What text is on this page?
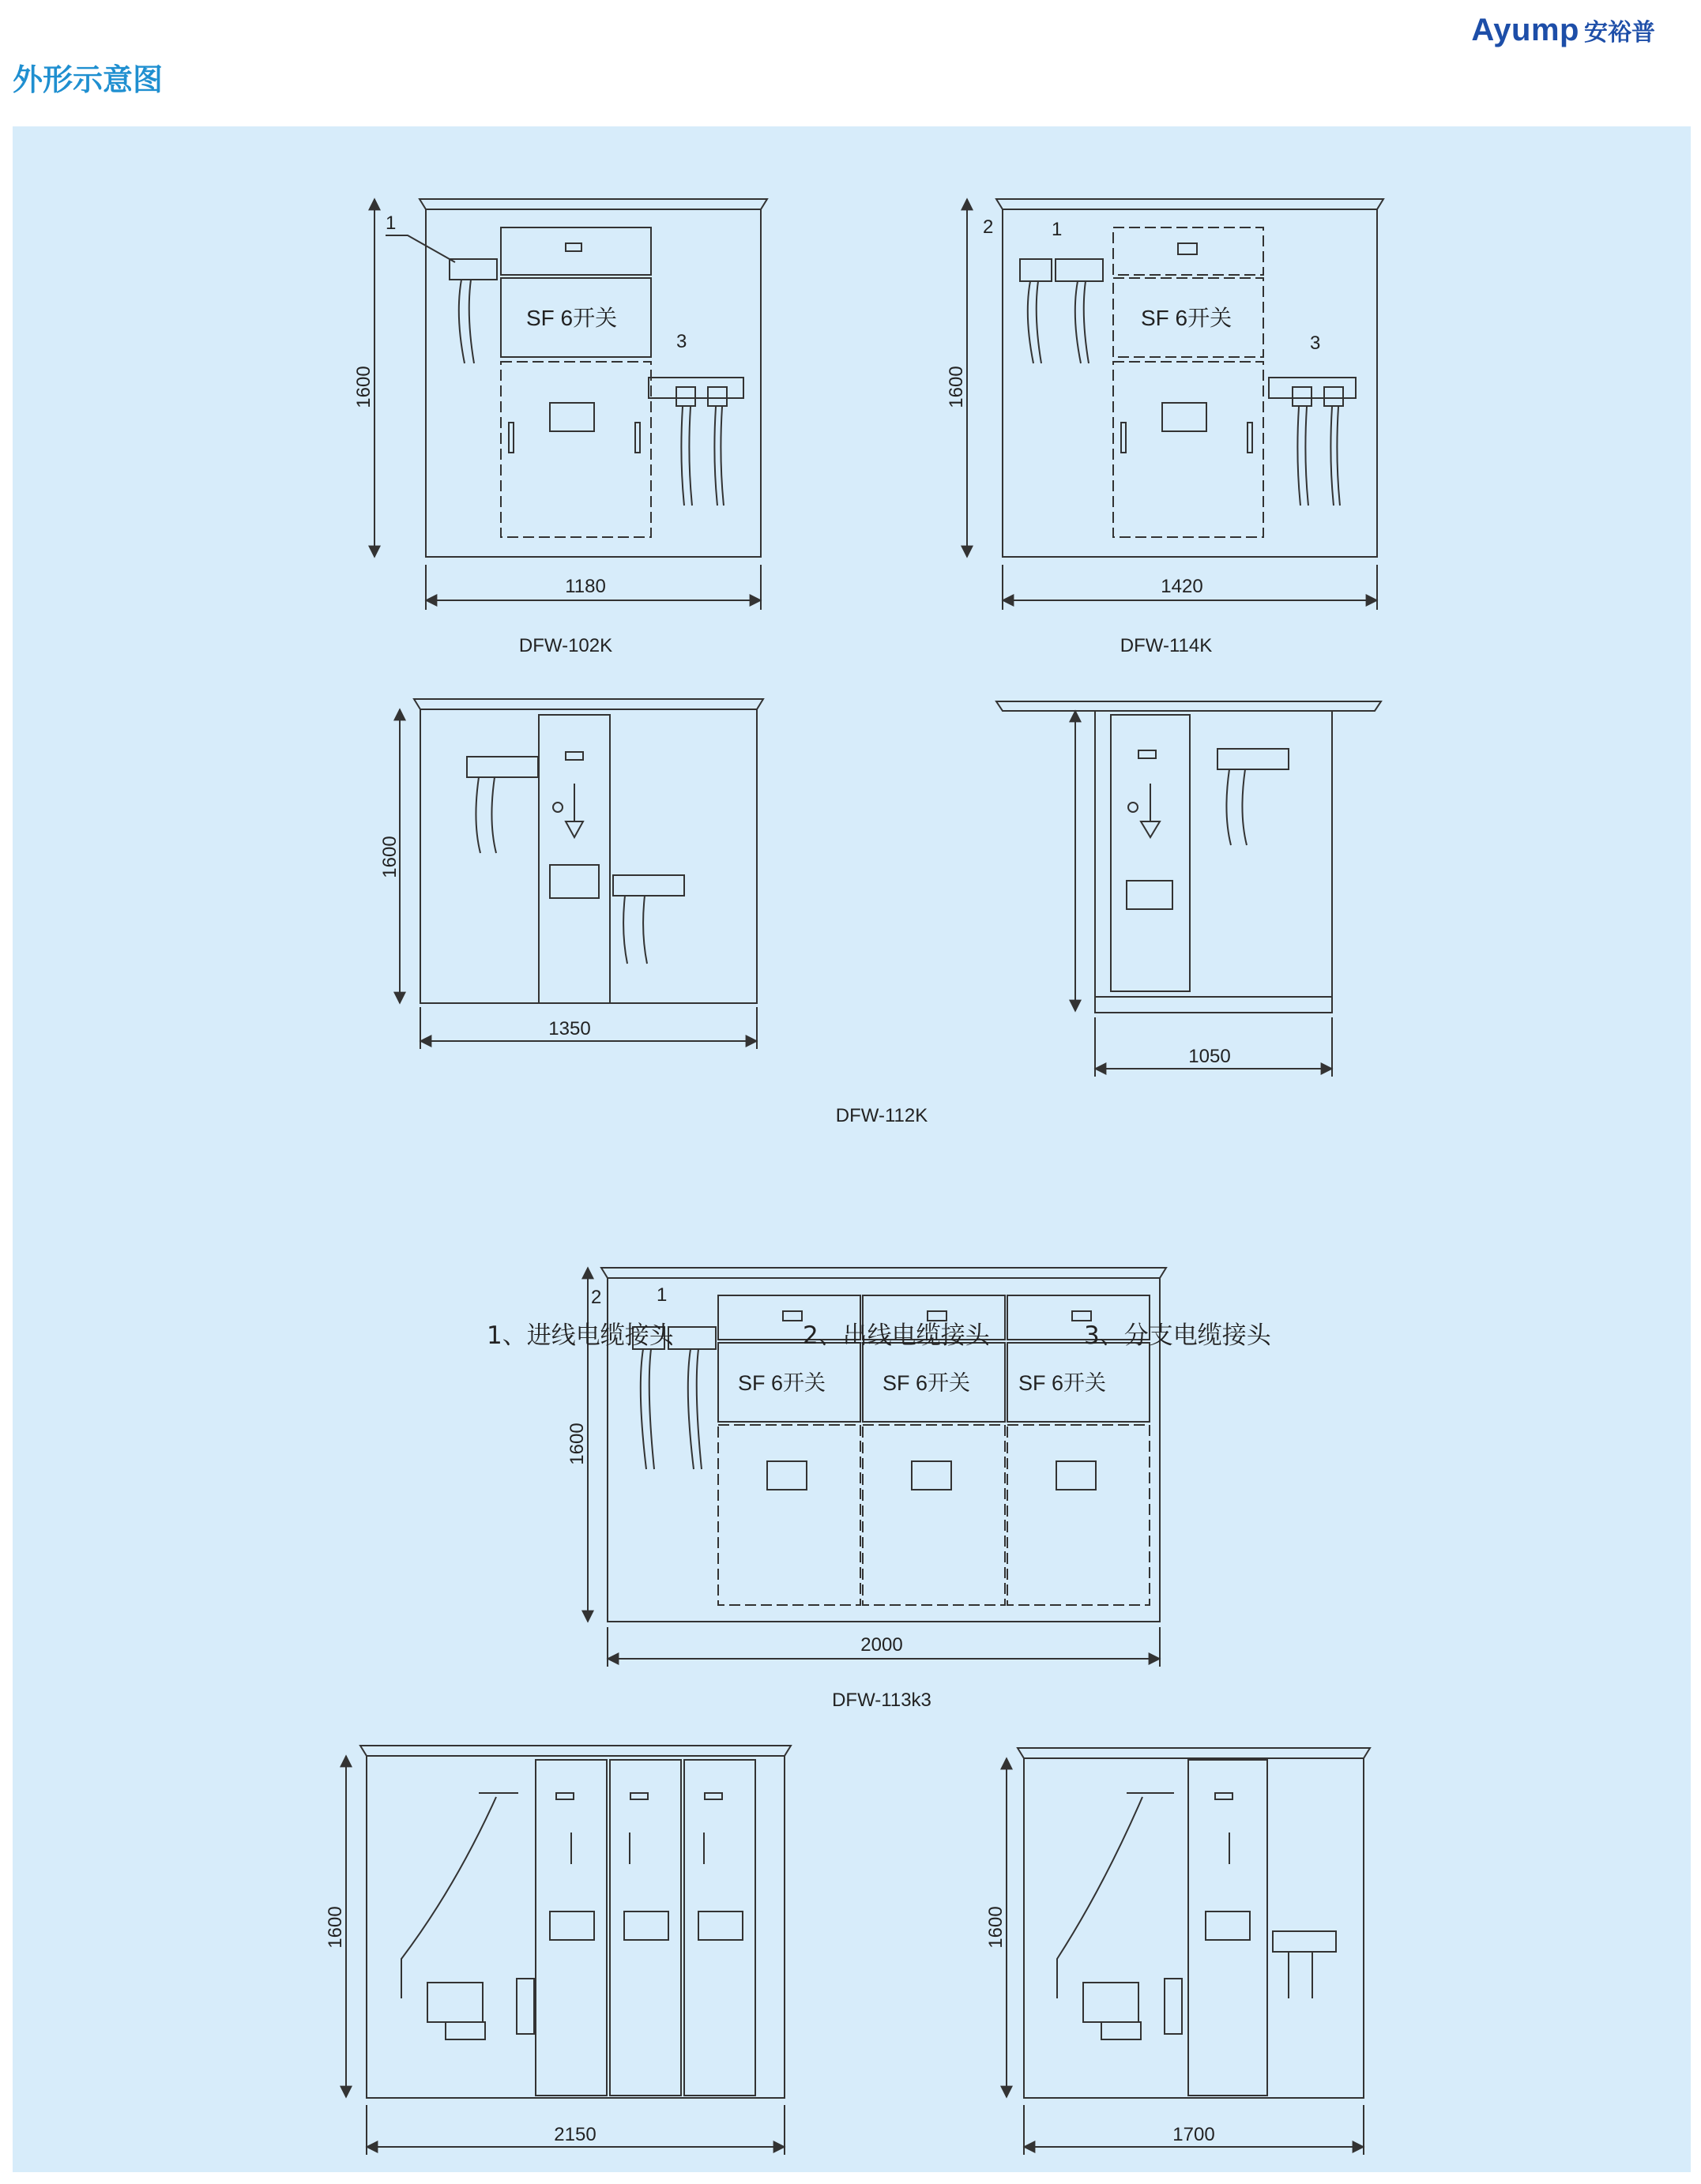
Ayump 安裕普
外形示意图
1
3
SF 6开关
1600
1180
DFW-102K
2	1
3
SF 6开关
1600
1420
DFW-114K
1600
1350
1050
DFW-112K
2	1
SF 6开关	SF 6开关 SF 6开关
1600
2000
DFW-113k3
1600
2150
1600
1700
1、进线电缆接头	2、出线电缆接头	3、分支电缆接头
